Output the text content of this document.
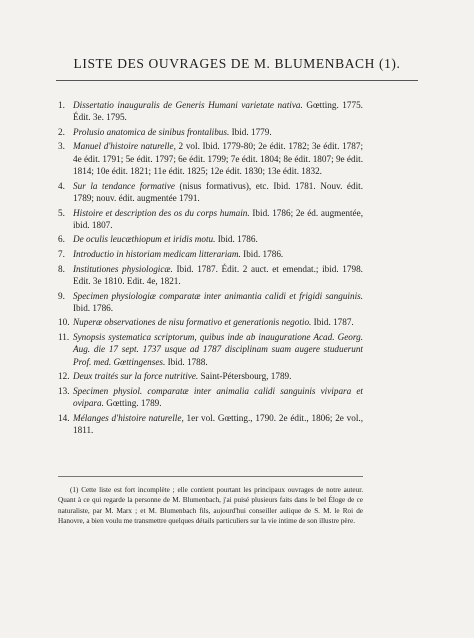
LISTE DES OUVRAGES DE M. BLUMENBACH (1).
1. Dissertatio inauguralis de Generis Humani varietate nativa. Gœtting. 1775. Édit. 3e. 1795.
2. Prolusio anatomica de sinibus frontalibus. Ibid. 1779.
3. Manuel d'histoire naturelle, 2 vol. Ibid. 1779-80; 2e édit. 1782; 3e édit. 1787; 4e édit. 1791; 5e édit. 1797; 6e édit. 1799; 7e édit. 1804; 8e édit. 1807; 9e édit. 1814; 10e édit. 1821; 11e édit. 1825; 12e édit. 1830; 13e édit. 1832.
4. Sur la tendance formative (nisus formativus), etc. Ibid. 1781. Nouv. édit. 1789; nouv. édit. augmentée 1791.
5. Histoire et description des os du corps humain. Ibid. 1786; 2e éd. augmentée, ibid. 1807.
6. De oculis leucæthiopum et iridis motu. Ibid. 1786.
7. Introductio in historiam medicam litterariam. Ibid. 1786.
8. Institutiones physiologicæ. Ibid. 1787. Édit. 2 auct. et emendat.; ibid. 1798. Edit. 3e 1810. Edit. 4e, 1821.
9. Specimen physiologiæ comparatæ inter animantia calidi et frigidi sanguinis. Ibid. 1786.
10. Nuperæ observationes de nisu formativo et generationis negotio. Ibid. 1787.
11. Synopsis systematica scriptorum, quibus inde ab inauguratione Acad. Georg. Aug. die 17 sept. 1737 usque ad 1787 disciplinam suam augere studuerunt Prof. med. Gœttingenses. Ibid. 1788.
12. Deux traités sur la force nutritive. Saint-Pétersbourg, 1789.
13. Specimen physiol. comparatæ inter animalia calidi sanguinis vivipara et ovipara. Gœtting. 1789.
14. Mélanges d'histoire naturelle, 1er vol. Gœtting., 1790. 2e édit., 1806; 2e vol., 1811.
(1) Cette liste est fort incomplète ; elle contient pourtant les principaux ouvrages de notre auteur. Quant à ce qui regarde la personne de M. Blumenbach, j'ai puisé plusieurs faits dans le bel Éloge de ce naturaliste, par M. Marx ; et M. Blumenbach fils, aujourd'hui conseiller aulique de S. M. le Roi de Hanovre, a bien voulu me transmettre quelques détails particuliers sur la vie intime de son illustre père.
